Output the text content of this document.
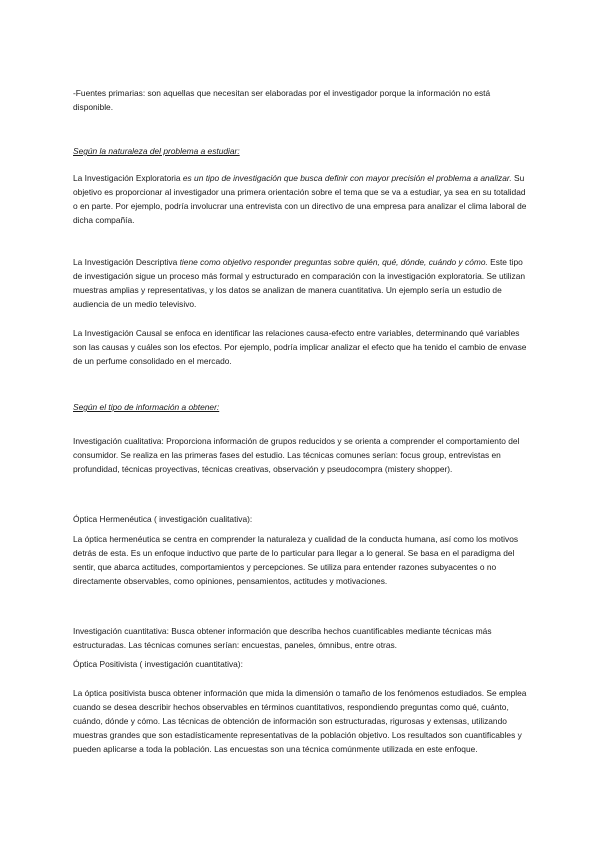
-Fuentes primarias: son aquellas que necesitan ser elaboradas por el investigador porque la información no está disponible.

Según la naturaleza del problema a estudiar:

La Investigación Exploratoria es un tipo de investigación que busca definir con mayor precisión el problema a analizar. Su objetivo es proporcionar al investigador una primera orientación sobre el tema que se va a estudiar, ya sea en su totalidad o en parte. Por ejemplo, podría involucrar una entrevista con un directivo de una empresa para analizar el clima laboral de dicha compañía.

La Investigación Descriptiva tiene como objetivo responder preguntas sobre quién, qué, dónde, cuándo y cómo. Este tipo de investigación sigue un proceso más formal y estructurado en comparación con la investigación exploratoria. Se utilizan muestras amplias y representativas, y los datos se analizan de manera cuantitativa. Un ejemplo sería un estudio de audiencia de un medio televisivo.

La Investigación Causal se enfoca en identificar las relaciones causa-efecto entre variables, determinando qué variables son las causas y cuáles son los efectos. Por ejemplo, podría implicar analizar el efecto que ha tenido el cambio de envase de un perfume consolidado en el mercado.

Según el tipo de información a obtener:

Investigación cualitativa: Proporciona información de grupos reducidos y se orienta a comprender el comportamiento del consumidor. Se realiza en las primeras fases del estudio. Las técnicas comunes serían: focus group, entrevistas en profundidad, técnicas proyectivas, técnicas creativas, observación y pseudocompra (mistery shopper).

Óptica Hermenéutica ( investigación cualitativa):

La óptica hermenéutica se centra en comprender la naturaleza y cualidad de la conducta humana, así como los motivos detrás de esta. Es un enfoque inductivo que parte de lo particular para llegar a lo general. Se basa en el paradigma del sentir, que abarca actitudes, comportamientos y percepciones. Se utiliza para entender razones subyacentes o no directamente observables, como opiniones, pensamientos, actitudes y motivaciones.

Investigación cuantitativa: Busca obtener información que describa hechos cuantificables mediante técnicas más estructuradas. Las técnicas comunes serían: encuestas, paneles, ómnibus, entre otras.

Óptica Positivista ( investigación cuantitativa):

La óptica positivista busca obtener información que mida la dimensión o tamaño de los fenómenos estudiados. Se emplea cuando se desea describir hechos observables en términos cuantitativos, respondiendo preguntas como qué, cuánto, cuándo, dónde y cómo. Las técnicas de obtención de información son estructuradas, rigurosas y extensas, utilizando muestras grandes que son estadísticamente representativas de la población objetivo. Los resultados son cuantificables y pueden aplicarse a toda la población. Las encuestas son una técnica comúnmente utilizada en este enfoque.
